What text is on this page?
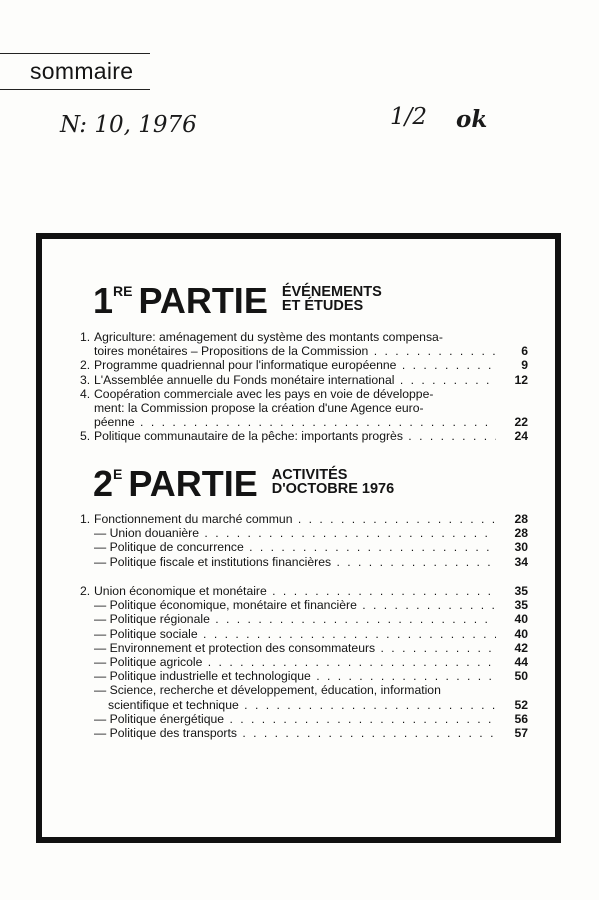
sommaire
N: 10, 1976	1/2 ok
1 RE PARTIE ÉVÉNEMENTS
ET ÉTUDES
1. Agriculture: aménagement du système des montants compensa-
toires monétaires – Propositions de la Commission . . .	6
2. Programme quadriennal pour l'informatique européenne . . .	9
3. L'Assemblée annuelle du Fonds monétaire international . . .	12
4. Coopération commerciale avec les pays en voie de développe-
ment: la Commission propose la création d'une Agence euro-
péenne . . .	22
5. Politique communautaire de la pêche: importants progrès . . .	24
2 E PARTIE ACTIVITÉS
D'OCTOBRE 1976
1. Fonctionnement du marché commun . . .	28
— Union douanière . . .	28
— Politique de concurrence . . .	30
— Politique fiscale et institutions financières . . .	34
2. Union économique et monétaire . . .	35
— Politique économique, monétaire et financière . . .	35
— Politique régionale . . .	40
— Politique sociale . . .	40
— Environnement et protection des consommateurs . . .	42
— Politique agricole . . .	44
— Politique industrielle et technologique . . .	50
— Science, recherche et développement, éducation, information
scientifique et technique . . .	52
— Politique énergétique . . .	56
— Politique des transports . . .	57
